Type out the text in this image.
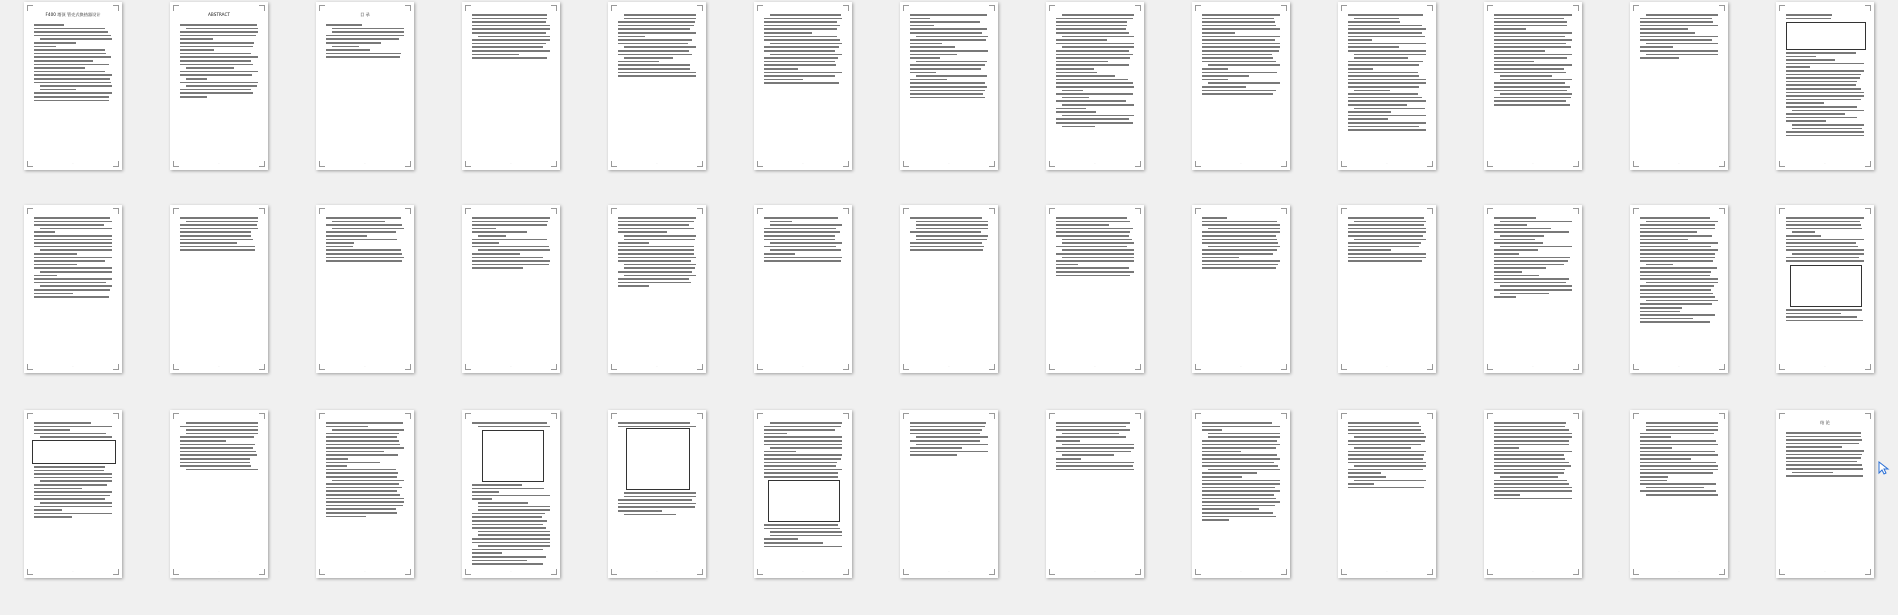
F400 塔顶 管壳式换热器设计
·
ABSTRACT
·
目 录
·	·	·	·	·	·	·	·	·	·	·
·	·	·	·	·	·	·	·	·	·	·	·	·
·	·	·	·	·	·	·	·	·	·	·	·
结 论
·
